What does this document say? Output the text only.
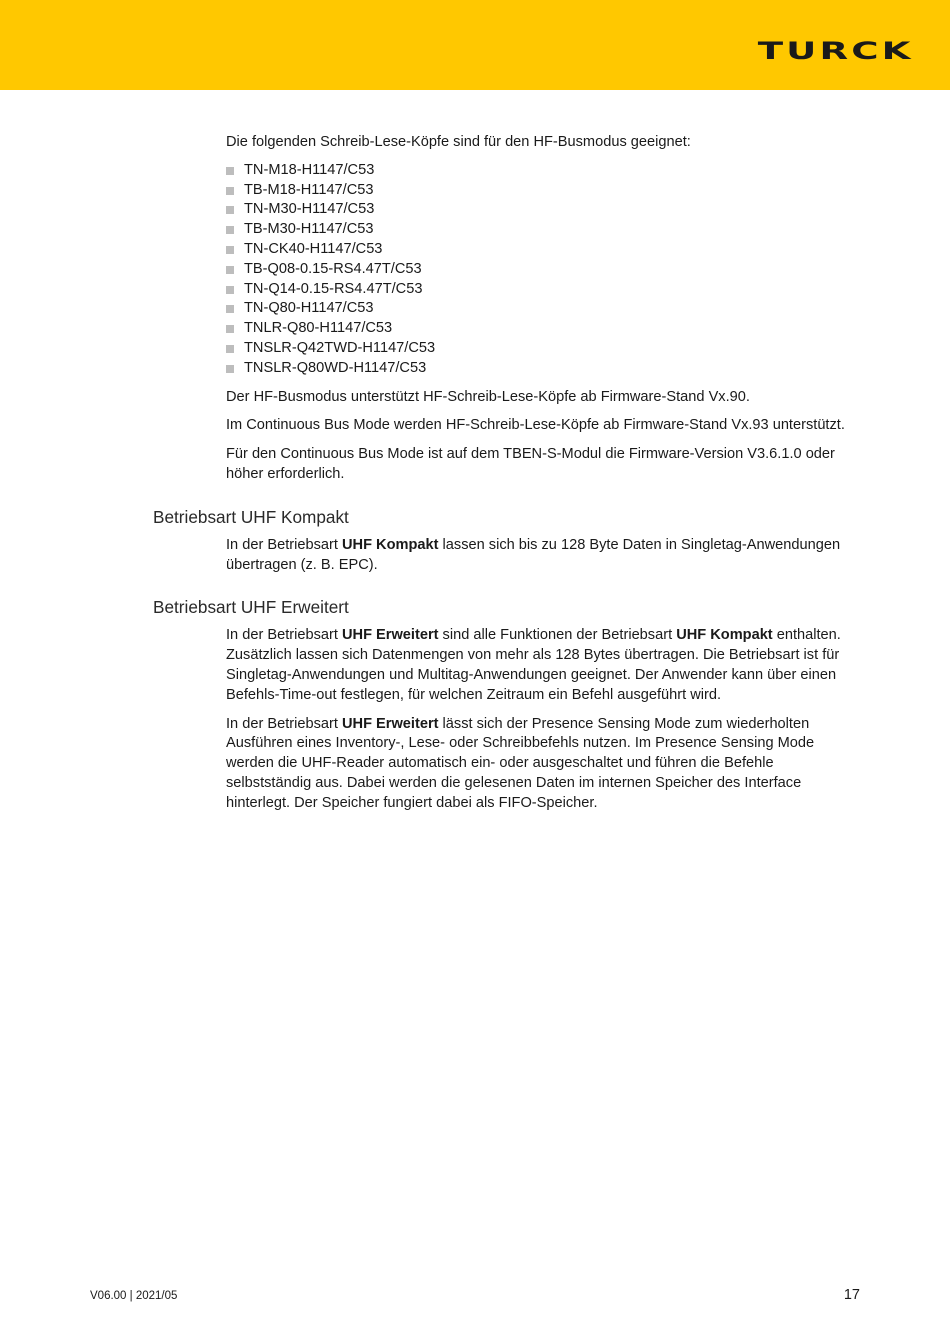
TURCK

Die folgenden Schreib-Lese-Köpfe sind für den HF-Busmodus geeignet:

TN-M18-H1147/C53
TB-M18-H1147/C53
TN-M30-H1147/C53
TB-M30-H1147/C53
TN-CK40-H1147/C53
TB-Q08-0.15-RS4.47T/C53
TN-Q14-0.15-RS4.47T/C53
TN-Q80-H1147/C53
TNLR-Q80-H1147/C53
TNSLR-Q42TWD-H1147/C53
TNSLR-Q80WD-H1147/C53

Der HF-Busmodus unterstützt HF-Schreib-Lese-Köpfe ab Firmware-Stand Vx.90.

Im Continuous Bus Mode werden HF-Schreib-Lese-Köpfe ab Firmware-Stand Vx.93 unterstützt.

Für den Continuous Bus Mode ist auf dem TBEN-S-Modul die Firmware-Version V3.6.1.0 oder höher erforderlich.

Betriebsart UHF Kompakt

In der Betriebsart UHF Kompakt lassen sich bis zu 128 Byte Daten in Singletag-Anwendungen übertragen (z. B. EPC).

Betriebsart UHF Erweitert

In der Betriebsart UHF Erweitert sind alle Funktionen der Betriebsart UHF Kompakt enthalten. Zusätzlich lassen sich Datenmengen von mehr als 128 Bytes übertragen. Die Betriebsart ist für Singletag-Anwendungen und Multitag-Anwendungen geeignet. Der Anwender kann über einen Befehls-Time-out festlegen, für welchen Zeitraum ein Befehl ausgeführt wird.

In der Betriebsart UHF Erweitert lässt sich der Presence Sensing Mode zum wiederholten Ausführen eines Inventory-, Lese- oder Schreibbefehls nutzen. Im Presence Sensing Mode werden die UHF-Reader automatisch ein- oder ausgeschaltet und führen die Befehle selbstständig aus. Dabei werden die gelesenen Daten im internen Speicher des Interface hinterlegt. Der Speicher fungiert dabei als FIFO-Speicher.

V06.00 | 2021/05	17
